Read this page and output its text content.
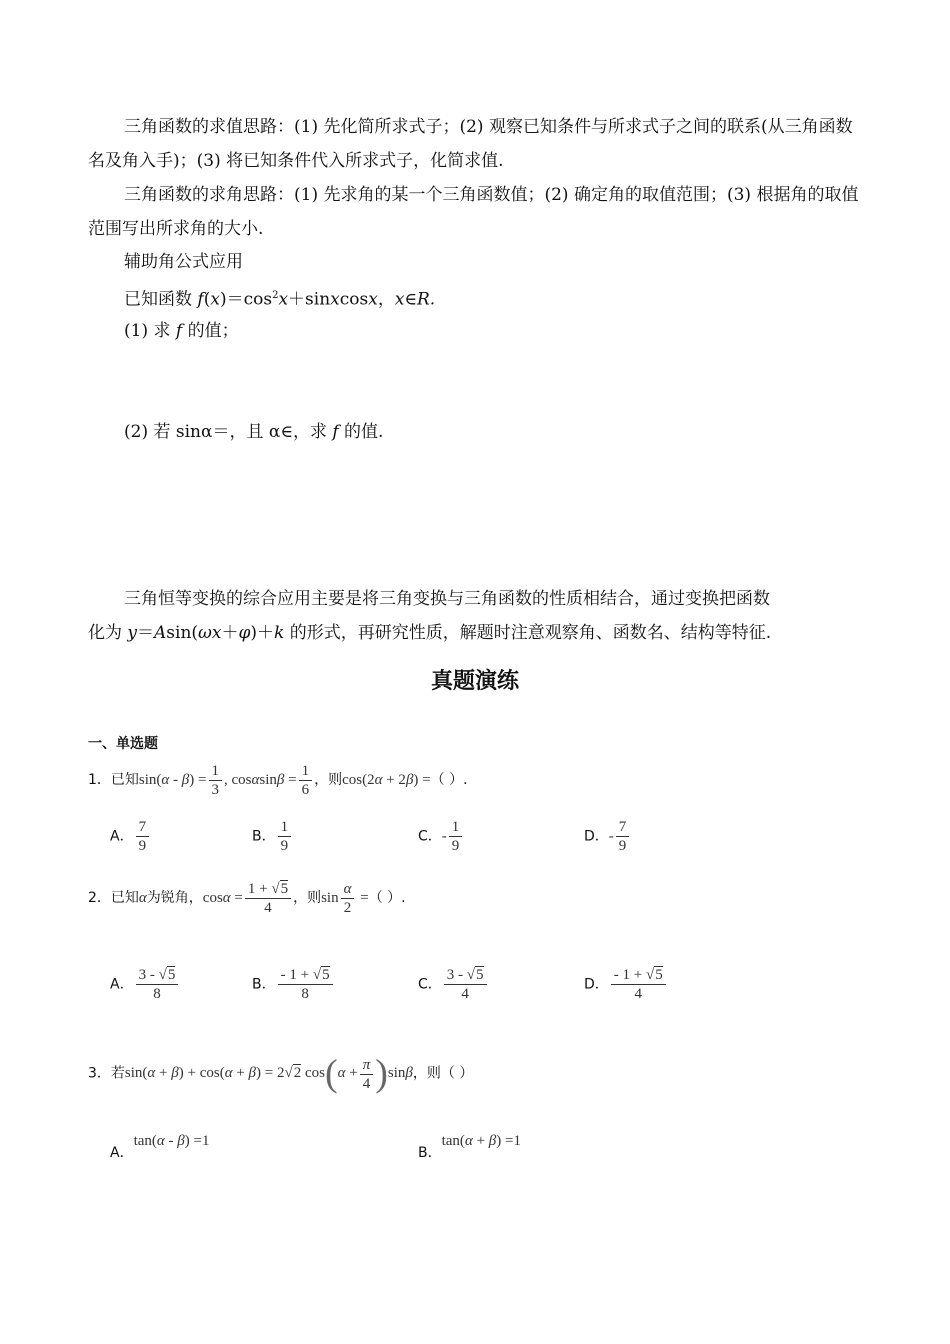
三角函数的求值思路：(1) 先化简所求式子；(2) 观察已知条件与所求式子之间的联系(从三角函数名及角入手)；(3) 将已知条件代入所求式子，化简求值.
三角函数的求角思路：(1) 先求角的某一个三角函数值；(2) 确定角的取值范围；(3) 根据角的取值范围写出所求角的大小.
辅助角公式应用
已知函数 $f(x)=\cos^2x+sinxcosx$，x∈R.
(1) 求 f 的值；
(2) 若 sinα＝，且 α∈，求 f 的值.
三角恒等变换的综合应用主要是将三角变换与三角函数的性质相结合，通过变换把函数
化为 y＝Asin(ωx＋φ)＋k 的形式，再研究性质，解题时注意观察角、函数名、结构等特征.
真题演练
一、单选题
1．已知$\sin(\alpha - \beta) = \frac{1}{3}$ , $\cos\alpha\sin\beta = \frac{1}{6}$ ，则cos(2α + 2β) =（ ）.
A． $\frac{7}{9}$	B． $\frac{1}{9}$	C．- $\frac{1}{9}$	D．- $\frac{7}{9}$
2．已知α为锐角，$\cos\alpha = \frac{1 + √5}{4}$ ，则$\sin \frac{\alpha}{2}$ =（ ）.
A． $\frac{3 - √5}{8}$	B． $\frac{- 1 + √5}{8}$	C． $\frac{3 - √5}{4}$	D． $\frac{- 1 + √5}{4}$
3．若sin(α + β) + cos(α + β) = 2√2 $\cos(\alpha + \frac{\pi}{4} )\sin\beta$，则（ ）
A．tan(α - β) =1
B．tan(α + β) =1
